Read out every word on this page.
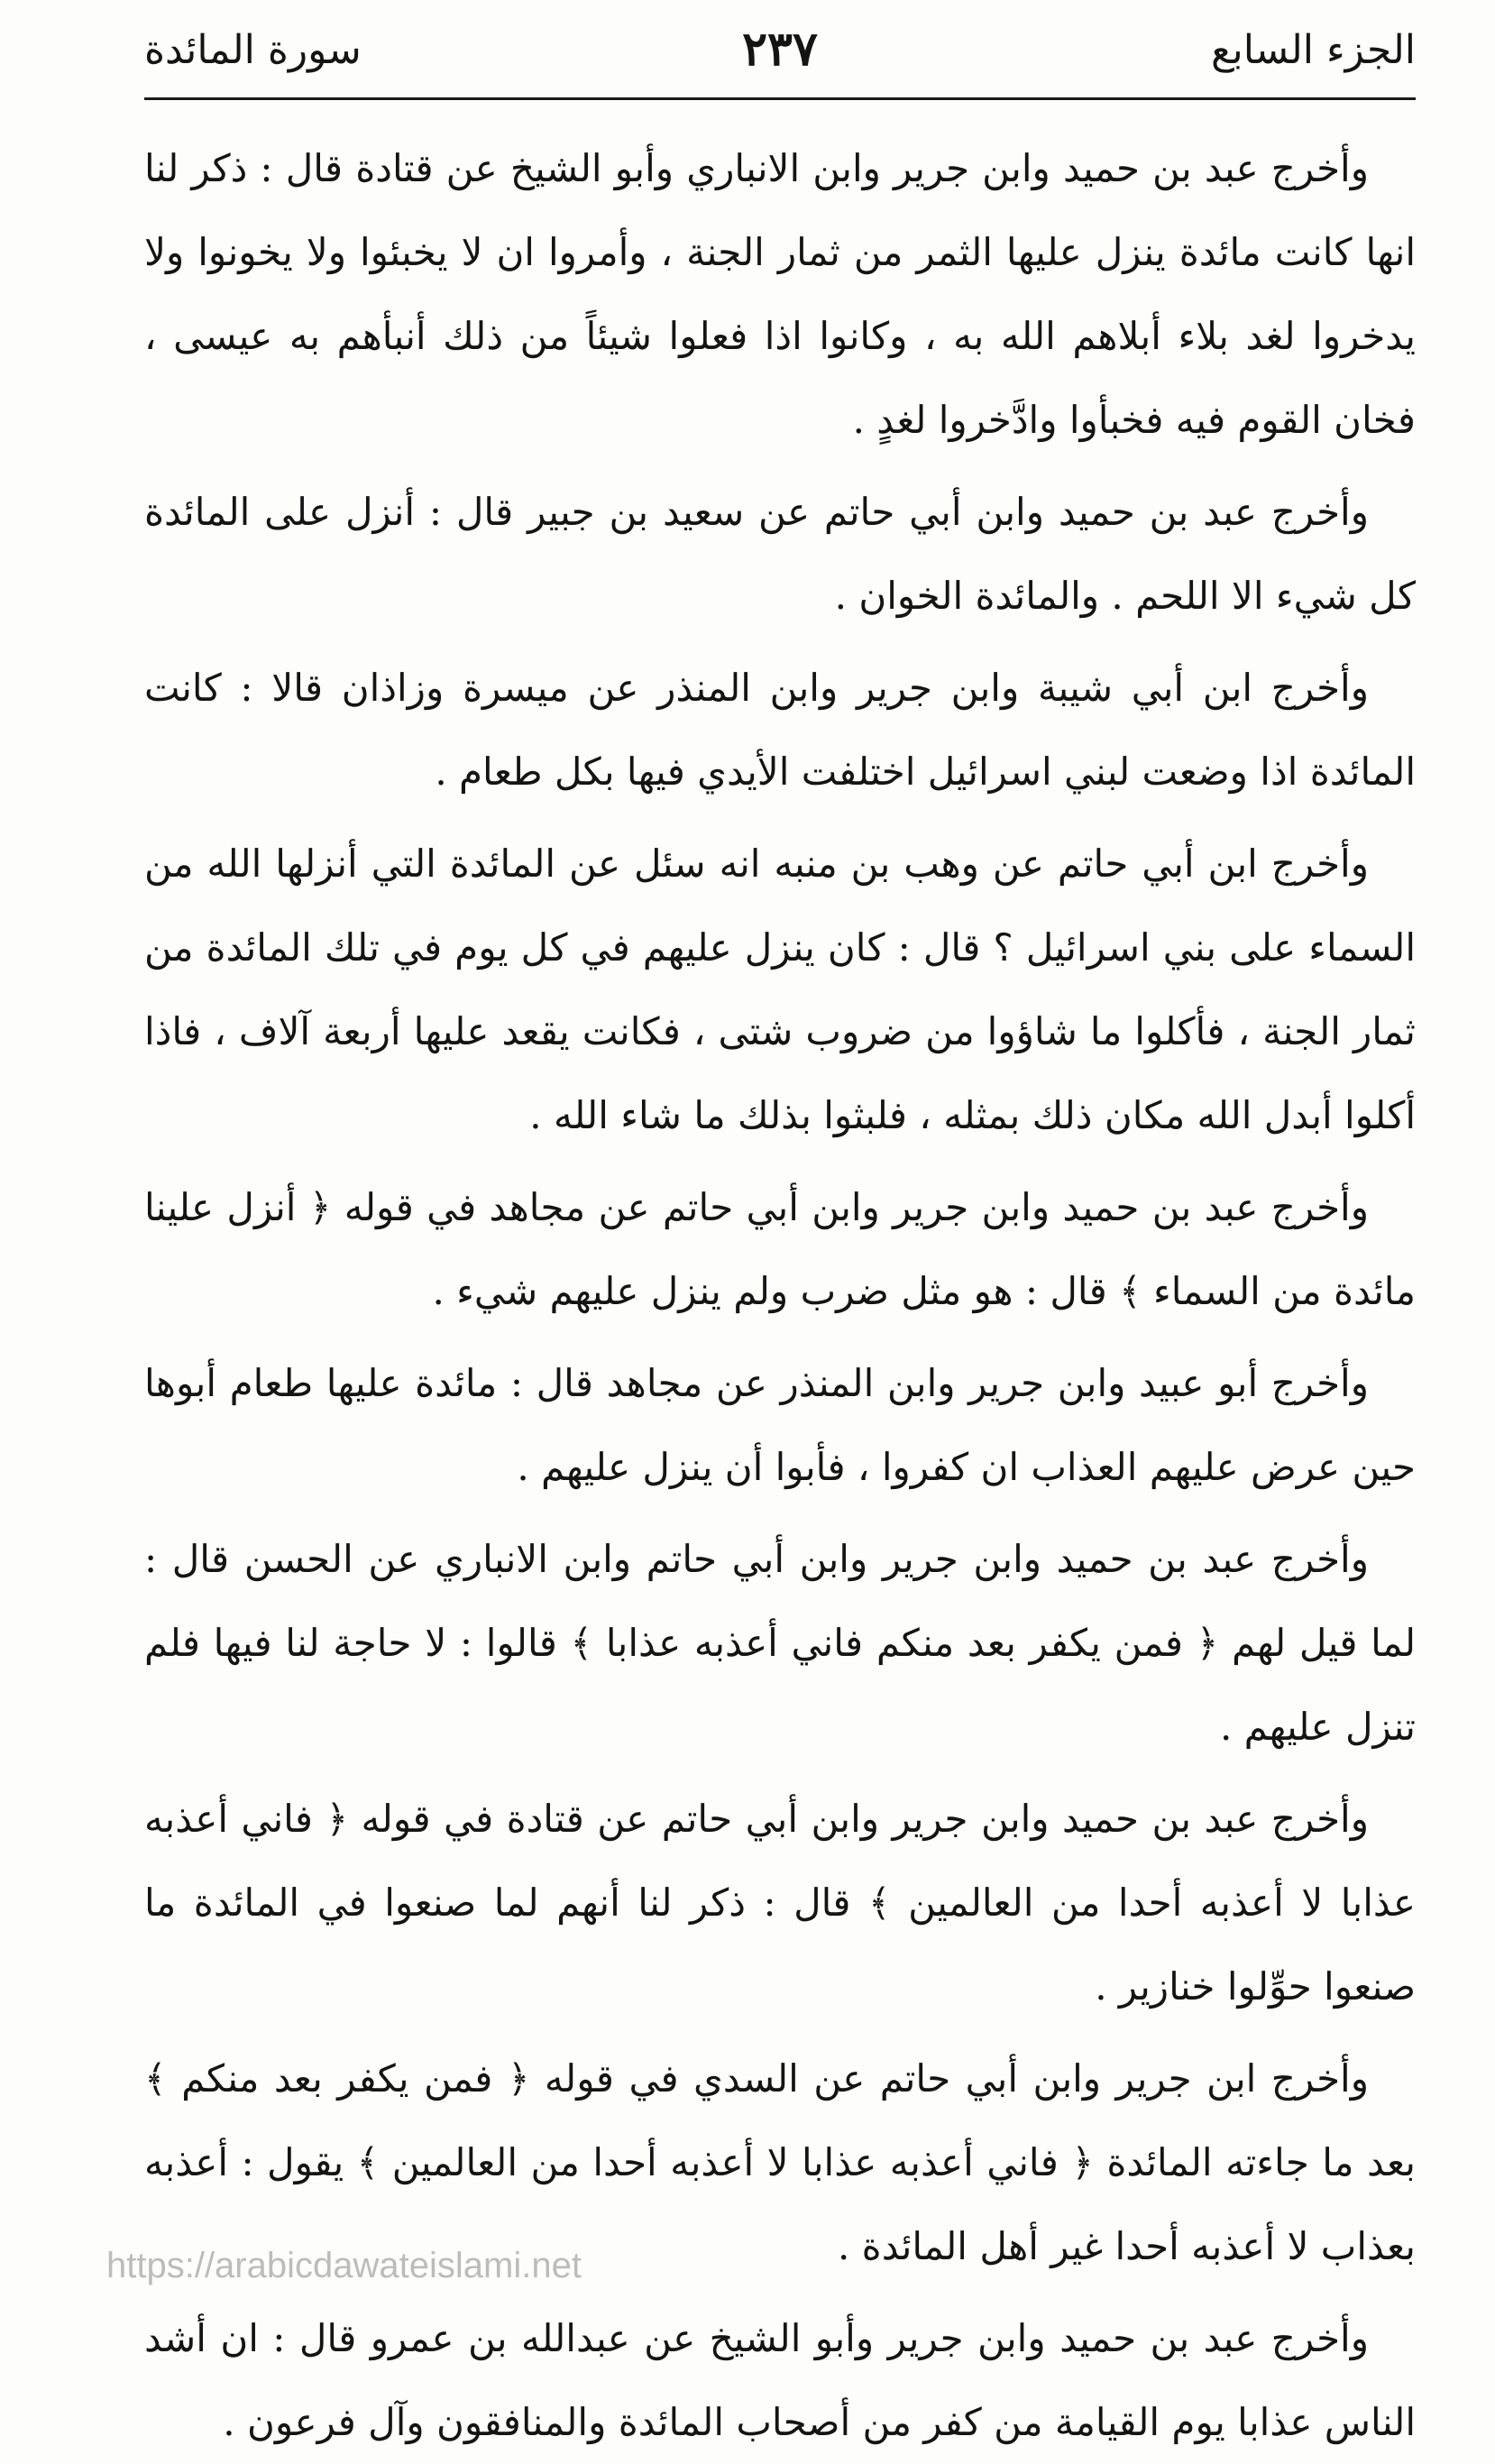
الجزء السابع
٢٣٧
سورة المائدة

وأخرج عبد بن حميد وابن جرير وابن الانباري وأبو الشيخ عن قتادة قال : ذكر لنا انها كانت مائدة ينزل عليها الثمر من ثمار الجنة ، وأمروا ان لا يخبئوا ولا يخونوا ولا يدخروا لغد بلاء أبلاهم الله به ، وكانوا اذا فعلوا شيئاً من ذلك أنبأهم به عيسى ، فخان القوم فيه فخبأوا وادَّخروا لغدٍ .

وأخرج عبد بن حميد وابن أبي حاتم عن سعيد بن جبير قال : أنزل على المائدة كل شيء الا اللحم . والمائدة الخوان .

وأخرج ابن أبي شيبة وابن جرير وابن المنذر عن ميسرة وزاذان قالا : كانت المائدة اذا وضعت لبني اسرائيل اختلفت الأيدي فيها بكل طعام .

وأخرج ابن أبي حاتم عن وهب بن منبه انه سئل عن المائدة التي أنزلها الله من السماء على بني اسرائيل ؟ قال : كان ينزل عليهم في كل يوم في تلك المائدة من ثمار الجنة ، فأكلوا ما شاؤوا من ضروب شتى ، فكانت يقعد عليها أربعة آلاف ، فاذا أكلوا أبدل الله مكان ذلك بمثله ، فلبثوا بذلك ما شاء الله .

وأخرج عبد بن حميد وابن جرير وابن أبي حاتم عن مجاهد في قوله ﴿ أنزل علينا مائدة من السماء ﴾ قال : هو مثل ضرب ولم ينزل عليهم شيء .

وأخرج أبو عبيد وابن جرير وابن المنذر عن مجاهد قال : مائدة عليها طعام أبوها حين عرض عليهم العذاب ان كفروا ، فأبوا أن ينزل عليهم .

وأخرج عبد بن حميد وابن جرير وابن أبي حاتم وابن الانباري عن الحسن قال : لما قيل لهم ﴿ فمن يكفر بعد منكم فاني أعذبه عذابا ﴾ قالوا : لا حاجة لنا فيها فلم تنزل عليهم .

وأخرج عبد بن حميد وابن جرير وابن أبي حاتم عن قتادة في قوله ﴿ فاني أعذبه عذابا لا أعذبه أحدا من العالمين ﴾ قال : ذكر لنا أنهم لما صنعوا في المائدة ما صنعوا حوِّلوا خنازير .

وأخرج ابن جرير وابن أبي حاتم عن السدي في قوله ﴿ فمن يكفر بعد منكم ﴾ بعد ما جاءته المائدة ﴿ فاني أعذبه عذابا لا أعذبه أحدا من العالمين ﴾ يقول : أعذبه بعذاب لا أعذبه أحدا غير أهل المائدة .

وأخرج عبد بن حميد وابن جرير وأبو الشيخ عن عبدالله بن عمرو قال : ان أشد الناس عذابا يوم القيامة من كفر من أصحاب المائدة والمنافقون وآل فرعون .

https://arabicdawateislami.net
